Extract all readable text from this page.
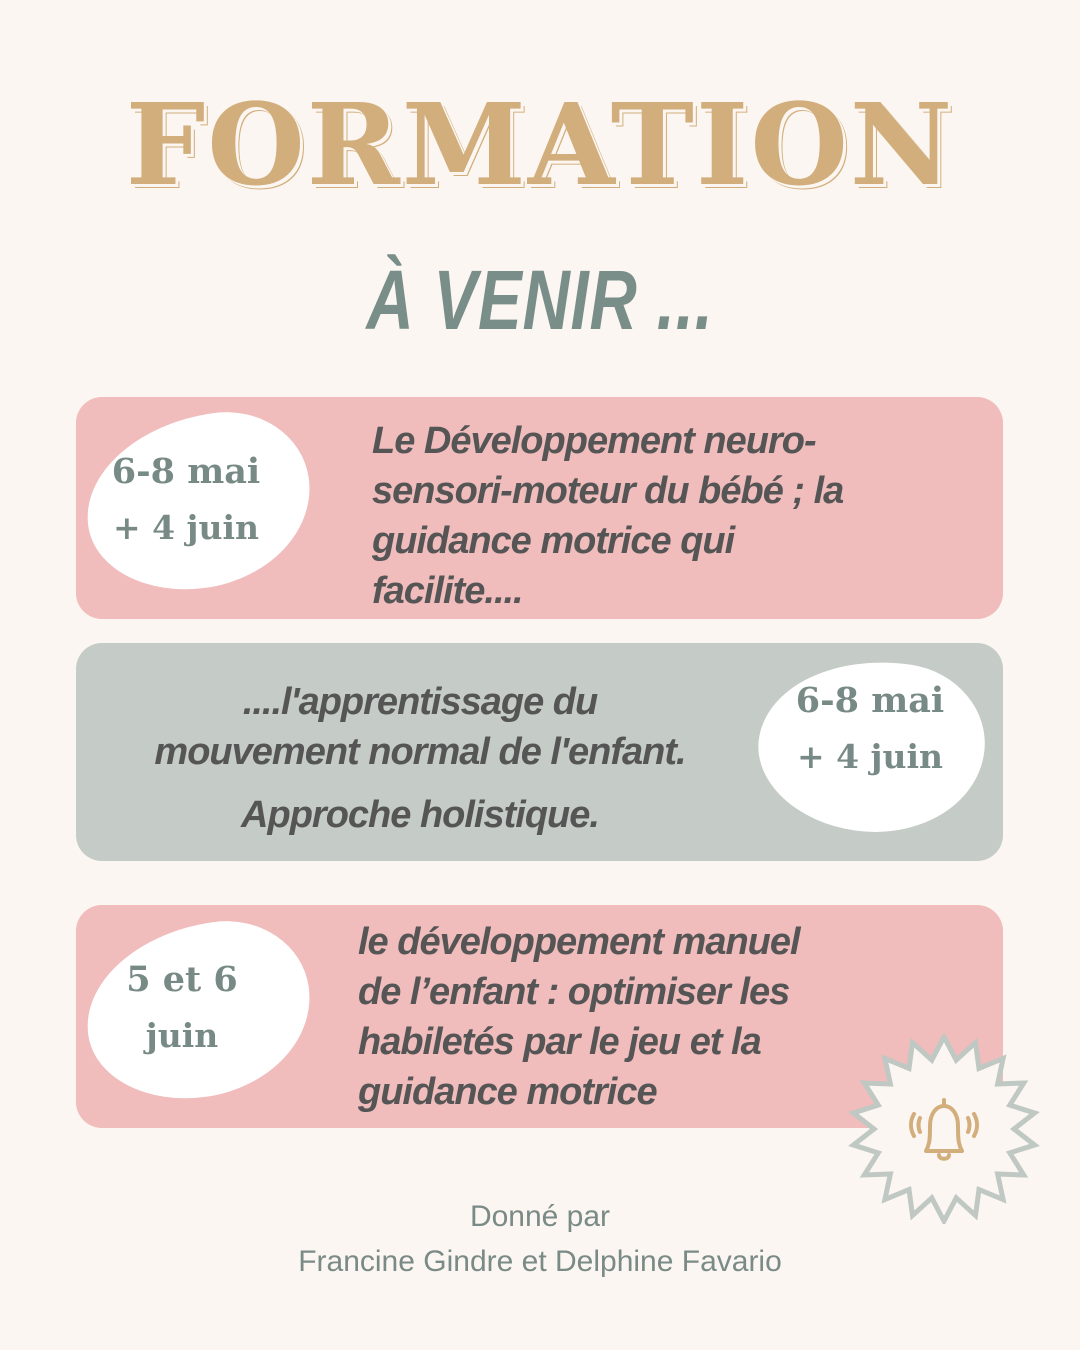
FORMATION
À VENIR ...
6-8 mai
+ 4 juin
Le Développement neuro-
sensori-moteur du bébé ; la
guidance motrice qui
facilite....
....l'apprentissage du
mouvement normal de l'enfant.
Approche holistique.
6-8 mai
+ 4 juin
5 et 6
juin
le développement manuel
de l’enfant : optimiser les
habiletés par le jeu et la
guidance motrice
Donné par
Francine Gindre et Delphine Favario
